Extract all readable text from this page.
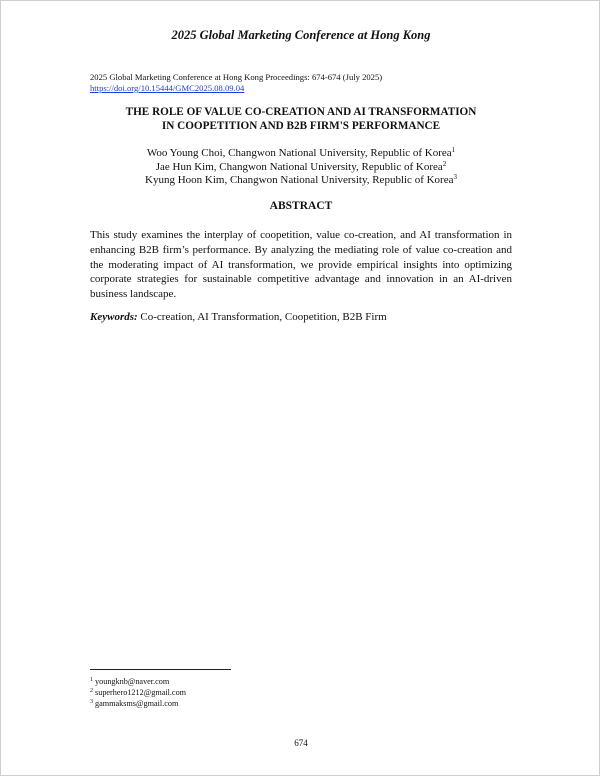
2025 Global Marketing Conference at Hong Kong
2025 Global Marketing Conference at Hong Kong Proceedings: 674-674 (July 2025)
https://doi.org/10.15444/GMC2025.08.09.04
THE ROLE OF VALUE CO-CREATION AND AI TRANSFORMATION
IN COOPETITION AND B2B FIRM'S PERFORMANCE
Woo Young Choi, Changwon National University, Republic of Korea$^1$
Jae Hun Kim, Changwon National University, Republic of Korea$^2$
Kyung Hoon Kim, Changwon National University, Republic of Korea$^3$
ABSTRACT
This study examines the interplay of coopetition, value co-creation, and AI transformation in enhancing B2B firm’s performance. By analyzing the mediating role of value co-creation and the moderating impact of AI transformation, we provide empirical insights into optimizing corporate strategies for sustainable competitive advantage and innovation in an AI-driven business landscape.
Keywords: Co-creation, AI Transformation, Coopetition, B2B Firm
$^1$ youngknb@naver.com
$^2$ superhero1212@gmail.com
$^3$ gammaksms@gmail.com
674
